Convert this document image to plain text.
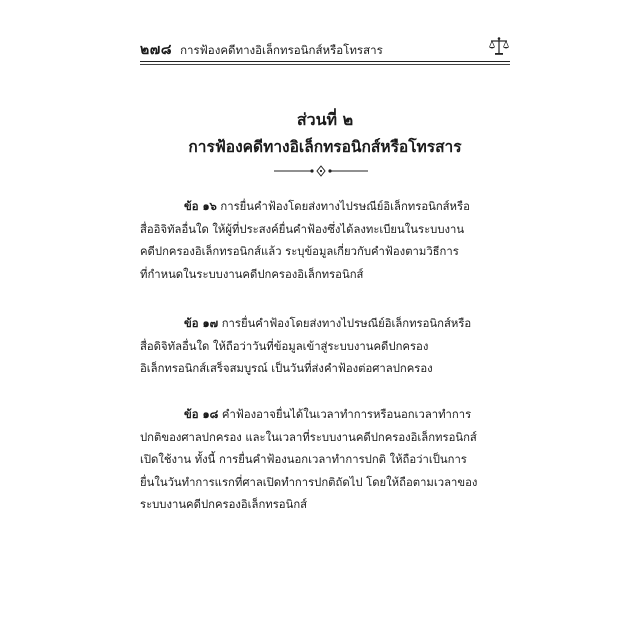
๒๗๘ การฟ้องคดีทางอิเล็กทรอนิกส์หรือโทรสาร
ส่วนที่ ๒
การฟ้องคดีทางอิเล็กทรอนิกส์หรือโทรสาร
ข้อ ๑๖ การยื่นคำฟ้องโดยส่งทางไปรษณีย์อิเล็กทรอนิกส์หรือ
สื่ออิจิทัลอื่นใด ให้ผู้ที่ประสงค์ยื่นคำฟ้องซึ่งได้ลงทะเบียนในระบบงาน
คดีปกครองอิเล็กทรอนิกส์แล้ว ระบุข้อมูลเกี่ยวกับคำฟ้องตามวิธีการ
ที่กำหนดในระบบงานคดีปกครองอิเล็กทรอนิกส์
ข้อ ๑๗ การยื่นคำฟ้องโดยส่งทางไปรษณีย์อิเล็กทรอนิกส์หรือ
สื่อดิจิทัลอื่นใด ให้ถือว่าวันที่ข้อมูลเข้าสู่ระบบงานคดีปกครอง
อิเล็กทรอนิกส์เสร็จสมบูรณ์ เป็นวันที่ส่งคำฟ้องต่อศาลปกครอง
ข้อ ๑๘ คำฟ้องอาจยื่นได้ในเวลาทำการหรือนอกเวลาทำการ
ปกติของศาลปกครอง และในเวลาที่ระบบงานคดีปกครองอิเล็กทรอนิกส์
เปิดใช้งาน ทั้งนี้ การยื่นคำฟ้องนอกเวลาทำการปกติ ให้ถือว่าเป็นการ
ยื่นในวันทำการแรกที่ศาลเปิดทำการปกติถัดไป โดยให้ถือตามเวลาของ
ระบบงานคดีปกครองอิเล็กทรอนิกส์
